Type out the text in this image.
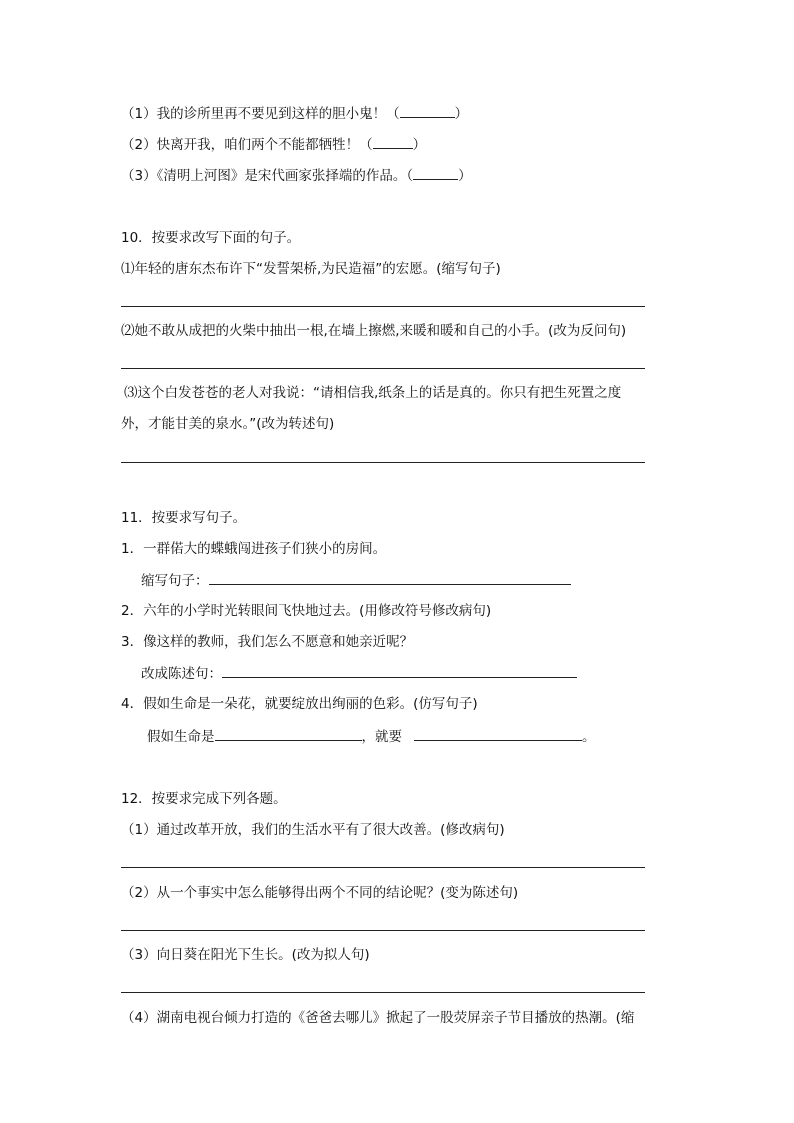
（1）我的诊所里再不要见到这样的胆小鬼！（	）
（2）快离开我，咱们两个不能都牺牲！（	）
（3）《清明上河图》是宋代画家张择端的作品。（	）
10．按要求改写下面的句子。
⑴年轻的唐东杰布许下“发誓架桥,为民造福”的宏愿。(缩写句子)
⑵她不敢从成把的火柴中抽出一根,在墙上擦燃,来暖和暖和自己的小手。(改为反问句)
⑶这个白发苍苍的老人对我说：“请相信我,纸条上的话是真的。你只有把生死置之度
外，才能甘美的泉水。”(改为转述句)
11．按要求写句子。
1．一群偌大的蝶蛾闯进孩子们狭小的房间。
缩写句子：
2．六年的小学时光转眼间飞快地过去。(用修改符号修改病句)
3．像这样的教师，我们怎么不愿意和她亲近呢？
改成陈述句：
4．假如生命是一朵花，就要绽放出绚丽的色彩。(仿写句子)
假如生命是	，就要	。
12．按要求完成下列各题。
（1）通过改革开放，我们的生活水平有了很大改善。(修改病句)
（2）从一个事实中怎么能够得出两个不同的结论呢？(变为陈述句)
（3）向日葵在阳光下生长。(改为拟人句)
（4）湖南电视台倾力打造的《爸爸去哪儿》掀起了一股荧屏亲子节目播放的热潮。(缩
